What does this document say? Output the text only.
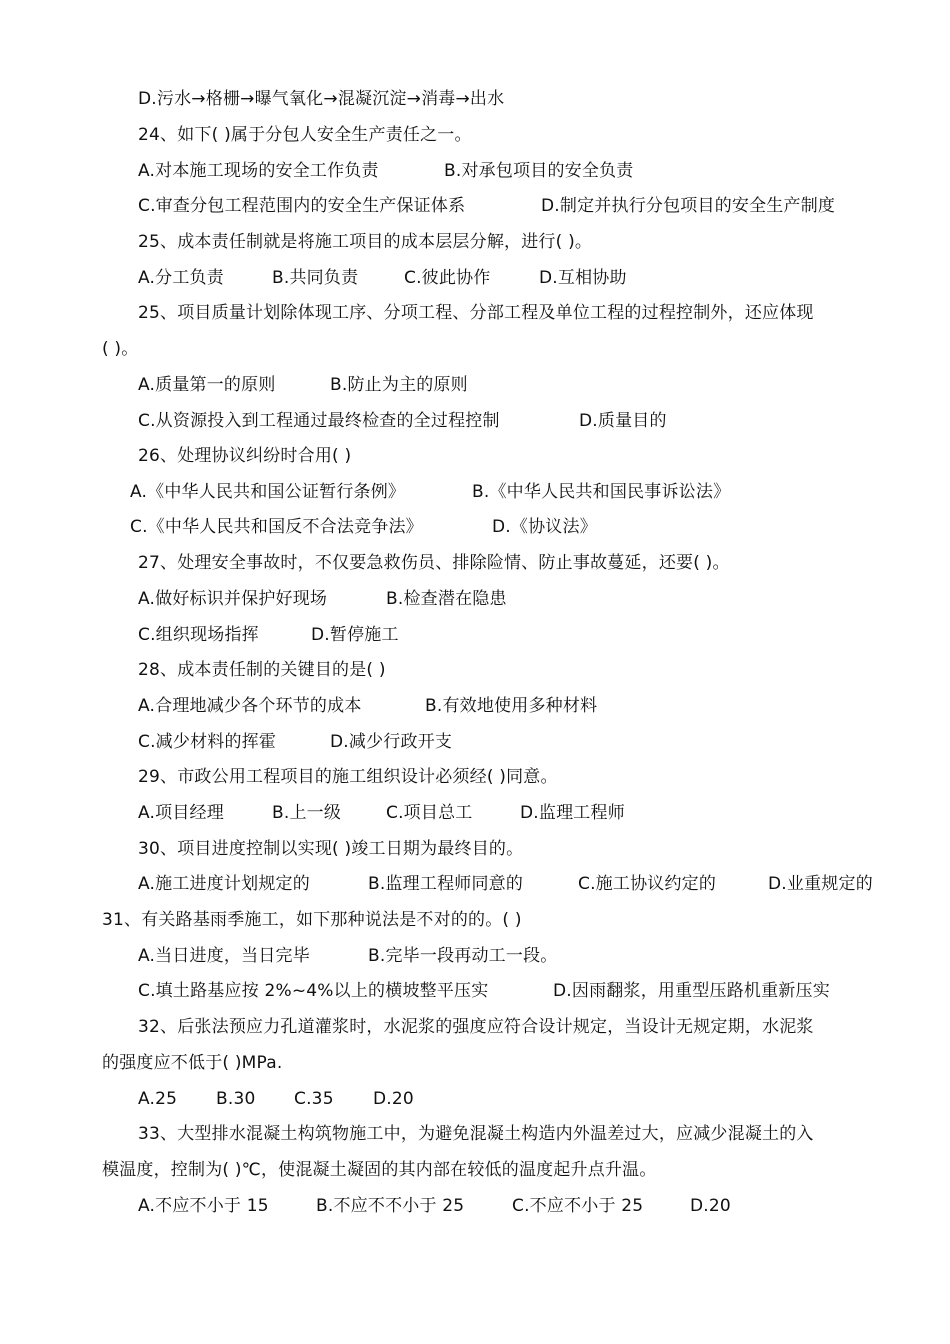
D.污水→格栅→曝气氧化→混凝沉淀→消毒→出水
24、如下( )属于分包人安全生产责任之一。
A.对本施工现场的安全工作负责	B.对承包项目的安全负责
C.审查分包工程范围内的安全生产保证体系	D.制定并执行分包项目的安全生产制度
25、成本责任制就是将施工项目的成本层层分解，进行( )。
A.分工负责	B.共同负责	C.彼此协作	D.互相协助
25、项目质量计划除体现工序、分项工程、分部工程及单位工程的过程控制外，还应体现
( )。
A.质量第一的原则	B.防止为主的原则
C.从资源投入到工程通过最终检查的全过程控制	D.质量目的
26、处理协议纠纷时合用( )
A.《中华人民共和国公证暂行条例》	B.《中华人民共和国民事诉讼法》
C.《中华人民共和国反不合法竞争法》	D.《协议法》
27、处理安全事故时，不仅要急救伤员、排除险情、防止事故蔓延，还要( )。
A.做好标识并保护好现场	B.检查潜在隐患
C.组织现场指挥	D.暂停施工
28、成本责任制的关键目的是( )
A.合理地减少各个环节的成本	B.有效地使用多种材料
C.减少材料的挥霍	D.减少行政开支
29、市政公用工程项目的施工组织设计必须经( )同意。
A.项目经理	B.上一级	C.项目总工	D.监理工程师
30、项目进度控制以实现( )竣工日期为最终目的。
A.施工进度计划规定的	B.监理工程师同意的	C.施工协议约定的	D.业重规定的
31、有关路基雨季施工，如下那种说法是不对的的。( )
A.当日进度，当日完毕	B.完毕一段再动工一段。
C.填土路基应按 2%~4%以上的横坡整平压实	D.因雨翻浆，用重型压路机重新压实
32、后张法预应力孔道灌浆时，水泥浆的强度应符合设计规定，当设计无规定期，水泥浆
的强度应不低于( )MPa.
A.25 B.30 C.35 D.20
33、大型排水混凝土构筑物施工中，为避免混凝土构造内外温差过大，应减少混凝土的入
模温度，控制为( )℃，使混凝土凝固的其内部在较低的温度起升点升温。
A.不应不小于 15	B.不应不不小于 25	C.不应不小于 25	D.20
